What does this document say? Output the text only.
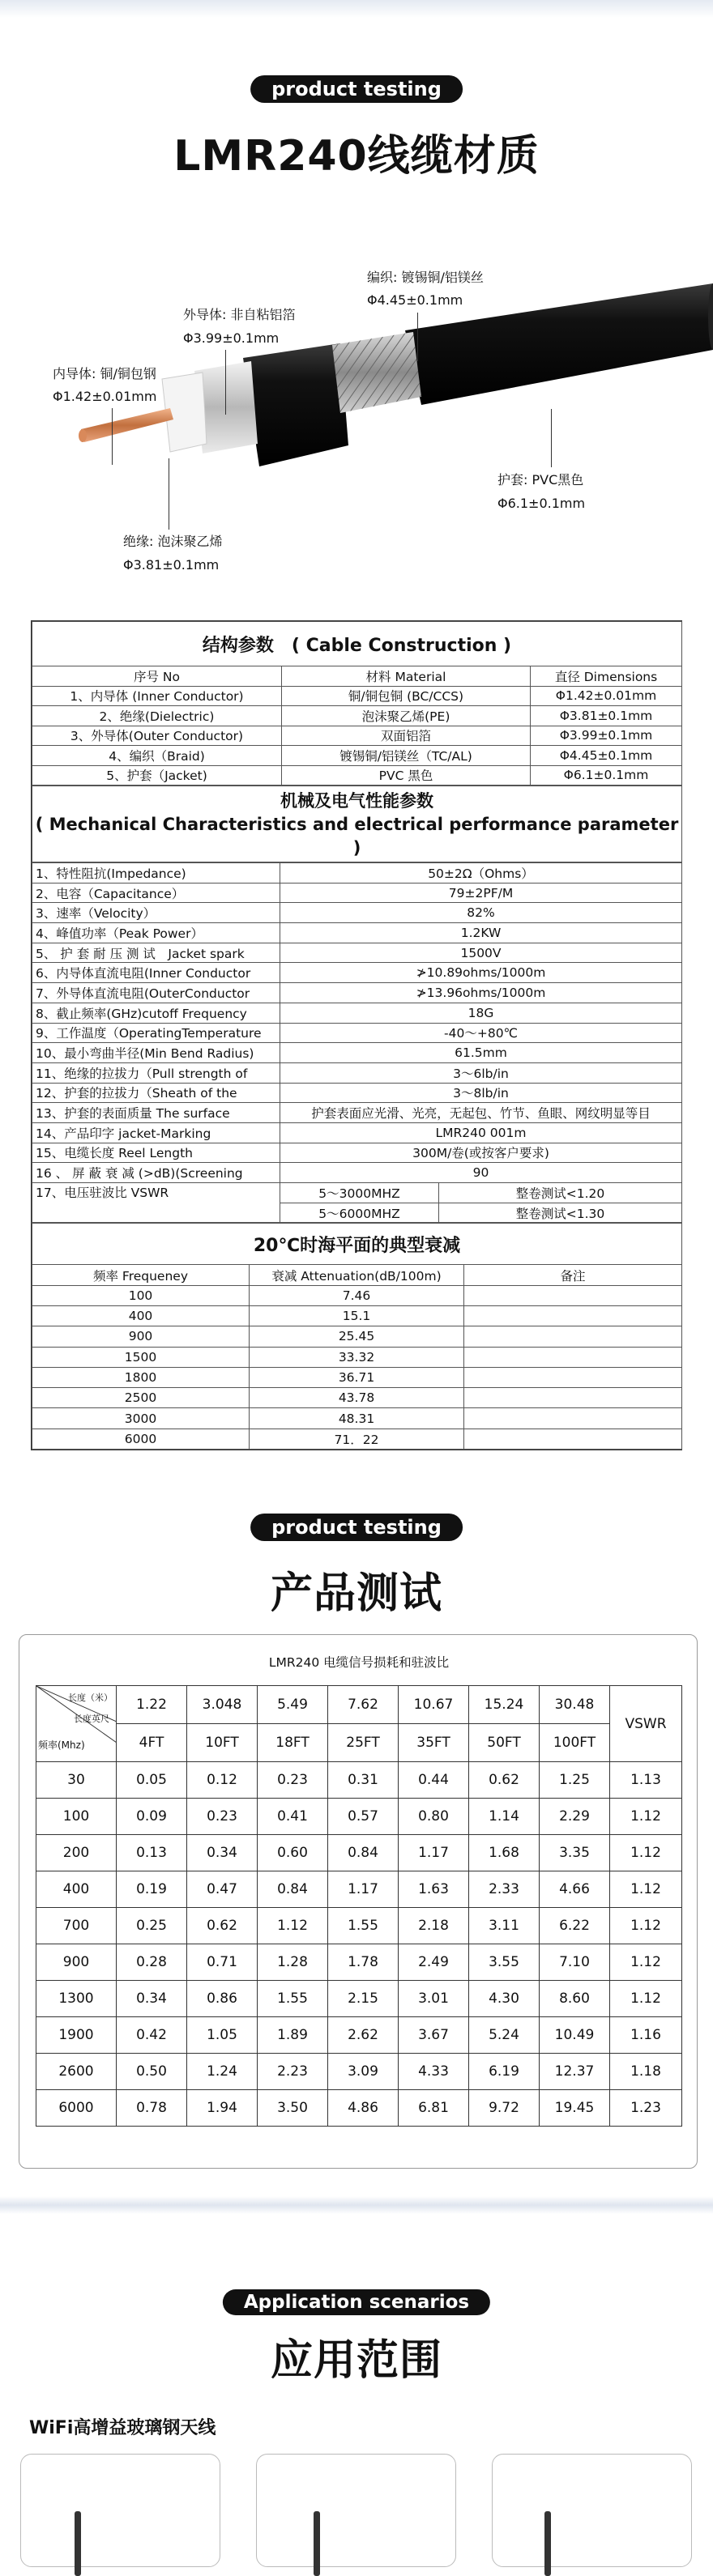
product testing
LMR240线缆材质
内导体: 铜/铜包钢
Φ1.42±0.01mm
外导体: 非自粘铝箔
Φ3.99±0.1mm
编织: 镀锡铜/铝镁丝
Φ4.45±0.1mm
护套: PVC黑色
Φ6.1±0.1mm
绝缘: 泡沫聚乙烯
Φ3.81±0.1mm
结构参数　( Cable Construction )		
序号 No	材料 Material	直径 Dimensions
1、内导体 (Inner Conductor)	铜/铜包铜 (BC/CCS)	Φ1.42±0.01mm
2、绝缘(Dielectric)	泡沫聚乙烯(PE)	Φ3.81±0.1mm
3、外导体(Outer Conductor)	双面铝箔	Φ3.99±0.1mm
4、编织（Braid)	镀锡铜/铝镁丝（TC/AL)	Φ4.45±0.1mm
5、护套（Jacket)	PVC 黑色	Φ6.1±0.1mm
机械及电气性能参数
( Mechanical Characteristics and electrical performance parameter )
1、特性阻抗(Impedance)	50±2Ω（Ohms）	
2、电容（Capacitance）	79±2PF/M	
3、速率（Velocity）	82%	
4、峰值功率（Peak Power）	1.2KW	
5、 护 套 耐 压 测 试　Jacket spark	1500V	
6、内导体直流电阻(Inner Conductor	≯10.89ohms/1000m	
7、外导体直流电阻(OuterConductor	≯13.96ohms/1000m	
8、截止频率(GHz)cutoff Frequency	18G	
9、工作温度（OperatingTemperature	-40～+80℃	
10、最小弯曲半径(Min Bend Radius)	61.5mm	
11、绝缘的拉拔力（Pull strength of	3～6lb/in	
12、护套的拉拔力（Sheath of the	3～8lb/in	
13、护套的表面质量 The surface	护套表面应光滑、光亮，无起包、竹节、鱼眼、网纹明显等目	
14、产品印字 jacket-Marking	LMR240 001m	
15、电缆长度 Reel Length	300M/卷(或按客户要求)	
16 、 屏 蔽 衰 减 (>dB)(Screening	90	
17、电压驻波比 VSWR	5～3000MHZ	整卷测试<1.20
	5～6000MHZ	整卷测试<1.30
20℃时海平面的典型衰减		
频率 Frequeney	衰减 Attenuation(dB/100m)	备注
100	7.46	
400	15.1	
900	25.45	
1500	33.32	
1800	36.71	
2500	43.78	
3000	48.31	
6000	71．22	
product testing
产品测试
LMR240 电缆信号损耗和驻波比
长度（米）
长度英尺
频率(Mhz)	1.22	3.048	5.49	7.62	10.67	15.24	30.48	VSWR
	4FT	10FT	18FT	25FT	35FT	50FT	100FT	
30	0.05	0.12	0.23	0.31	0.44	0.62	1.25	1.13
100	0.09	0.23	0.41	0.57	0.80	1.14	2.29	1.12
200	0.13	0.34	0.60	0.84	1.17	1.68	3.35	1.12
400	0.19	0.47	0.84	1.17	1.63	2.33	4.66	1.12
700	0.25	0.62	1.12	1.55	2.18	3.11	6.22	1.12
900	0.28	0.71	1.28	1.78	2.49	3.55	7.10	1.12
1300	0.34	0.86	1.55	2.15	3.01	4.30	8.60	1.12
1900	0.42	1.05	1.89	2.62	3.67	5.24	10.49	1.16
2600	0.50	1.24	2.23	3.09	4.33	6.19	12.37	1.18
6000	0.78	1.94	3.50	4.86	6.81	9.72	19.45	1.23
Application scenarios
应用范围
WiFi高增益玻璃钢天线
